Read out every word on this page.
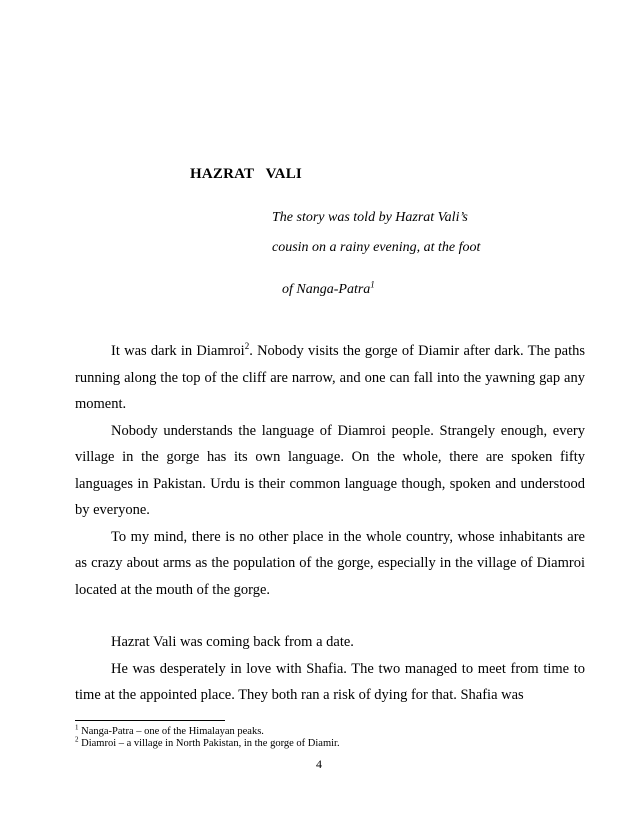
HAZRAT   VALI
The story was told by Hazrat Vali’s
cousin on a rainy evening, at the foot
of Nanga-Patra$^1$

It was dark in Diamroi$^2$. Nobody visits the gorge of Diamir after dark. The paths running along the top of the cliff are narrow, and one can fall into the yawning gap any moment.

Nobody understands the language of Diamroi people. Strangely enough, every village in the gorge has its own language. On the whole, there are spoken fifty languages in Pakistan. Urdu is their common language though, spoken and understood by everyone.

To my mind, there is no other place in the whole country, whose inhabitants are as crazy about arms as the population of the gorge, especially in the village of Diamroi located at the mouth of the gorge.

Hazrat Vali was coming back from a date.

He was desperately in love with Shafia. The two managed to meet from time to time at the appointed place. They both ran a risk of dying for that. Shafia was

$^1$ Nanga-Patra – one of the Himalayan peaks.
$^2$ Diamroi – a village in North Pakistan, in the gorge of Diamir.
4
